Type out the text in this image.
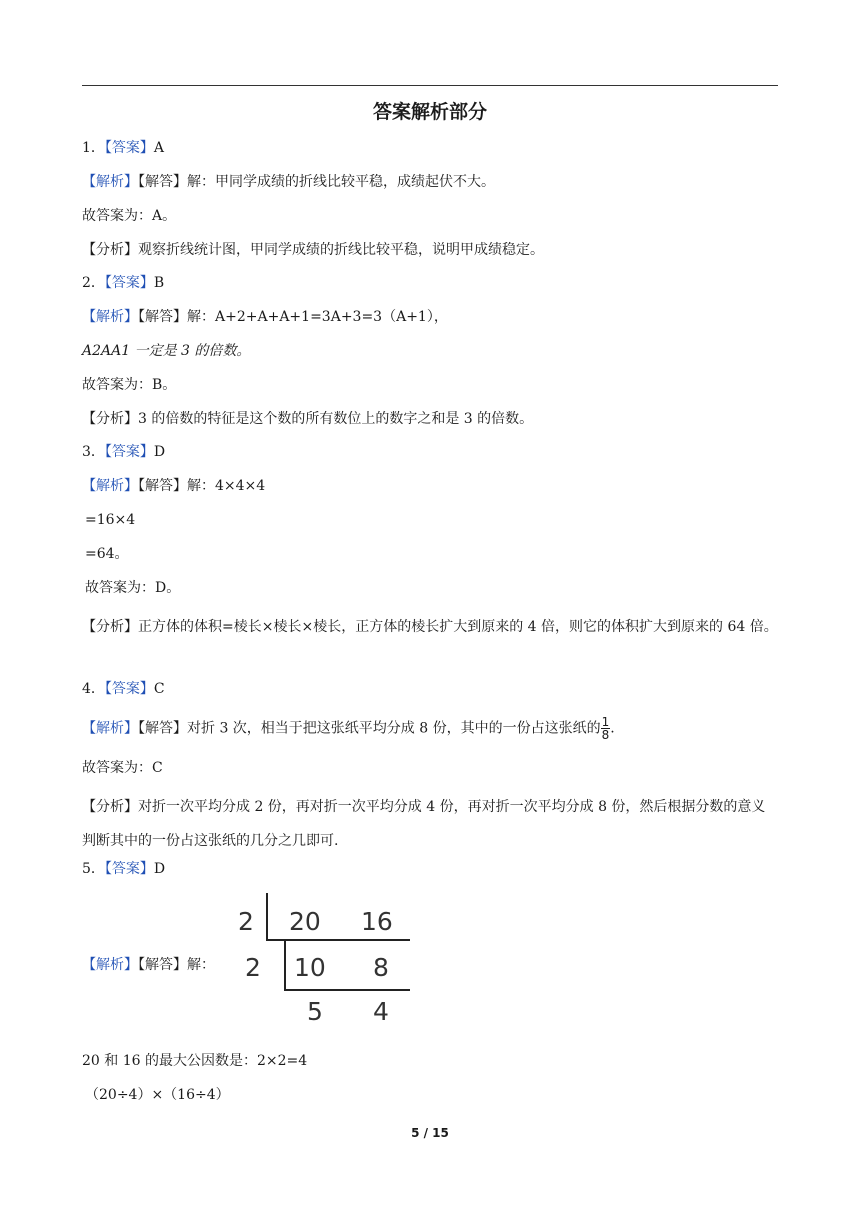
答案解析部分
1．【答案】A
【解析】【解答】解：甲同学成绩的折线比较平稳，成绩起伏不大。
故答案为：A。
【分析】观察折线统计图，甲同学成绩的折线比较平稳，说明甲成绩稳定。
2．【答案】B
【解析】【解答】解：A+2+A+A+1=3A+3=3（A+1），
A2AA1 一定是 3 的倍数。
故答案为：B。
【分析】3 的倍数的特征是这个数的所有数位上的数字之和是 3 的倍数。
3．【答案】D
【解析】【解答】解：4×4×4
=16×4
=64。
故答案为：D。
【分析】正方体的体积=棱长×棱长×棱长，正方体的棱长扩大到原来的 4 倍，则它的体积扩大到原来的 64 倍。
4．【答案】C
【解析】【解答】对折 3 次，相当于把这张纸平均分成 8 份，其中的一份占这张纸的 $\frac{1}{8}$ .
故答案为：C
【分析】对折一次平均分成 2 份，再对折一次平均分成 4 份，再对折一次平均分成 8 份，然后根据分数的意义判断其中的一份占这张纸的几分之几即可.
5．【答案】D
【解析】【解答】解：
2 20 16
2 10 8
5 4
20 和 16 的最大公因数是：2×2=4
（20÷4）×（16÷4）
5 / 15
